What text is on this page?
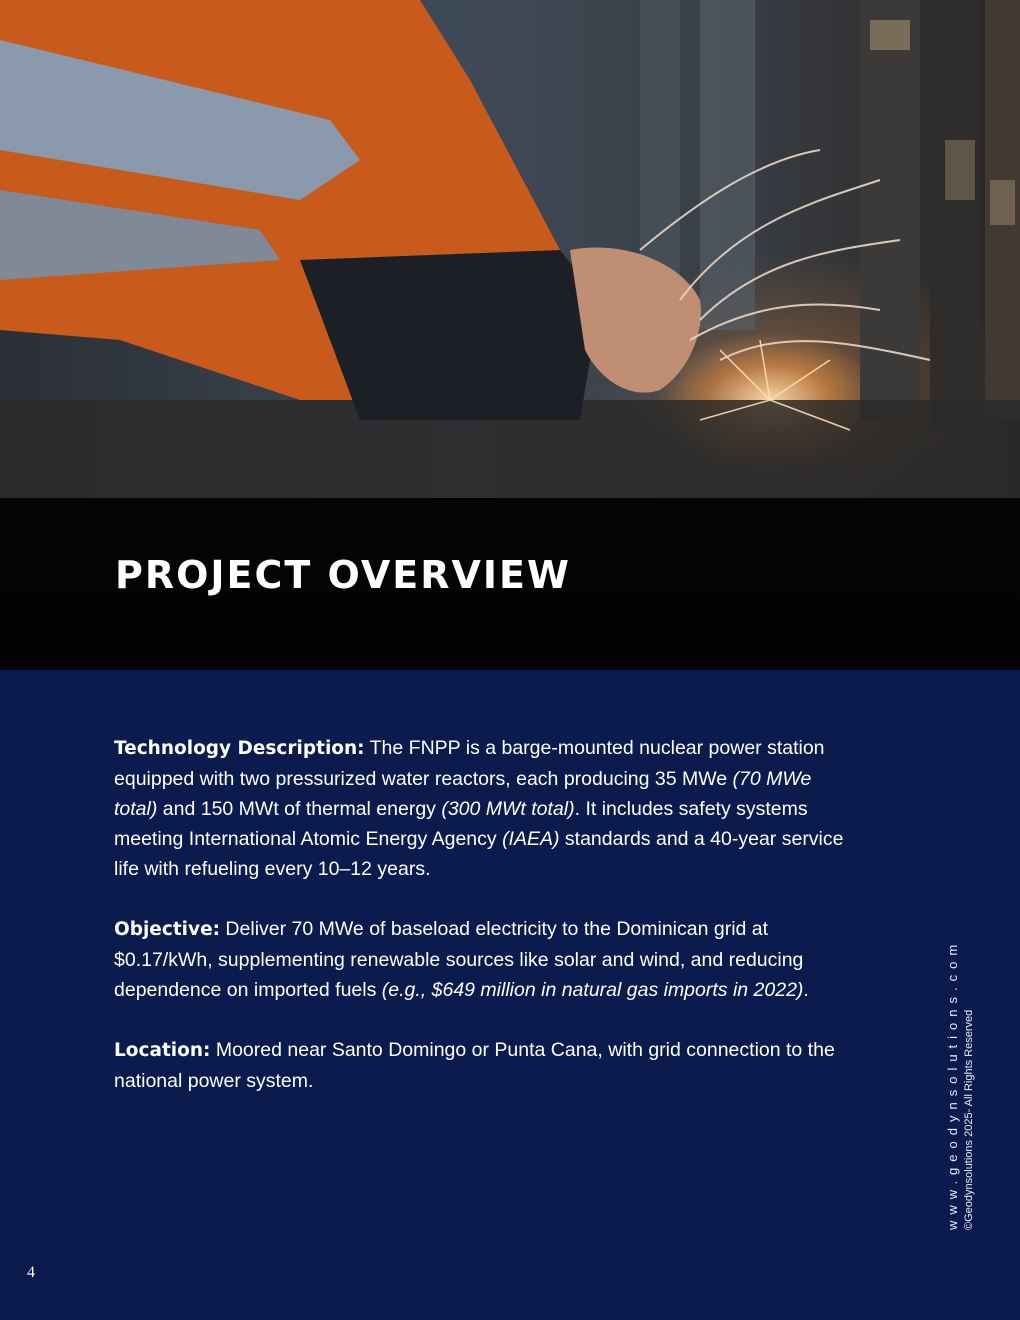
PROJECT OVERVIEW

Technology Description: The FNPP is a barge-mounted nuclear power station equipped with two pressurized water reactors, each producing 35 MWe (70 MWe total) and 150 MWt of thermal energy (300 MWt total). It includes safety systems meeting International Atomic Energy Agency (IAEA) standards and a 40-year service life with refueling every 10–12 years.

Objective: Deliver 70 MWe of baseload electricity to the Dominican grid at $0.17/kWh, supplementing renewable sources like solar and wind, and reducing dependence on imported fuels (e.g., $649 million in natural gas imports in 2022).

Location: Moored near Santo Domingo or Punta Cana, with grid connection to the national power system.	www.geodynsolutions.com ©Geodynsolutions 2025- All Rights Reserved
4
